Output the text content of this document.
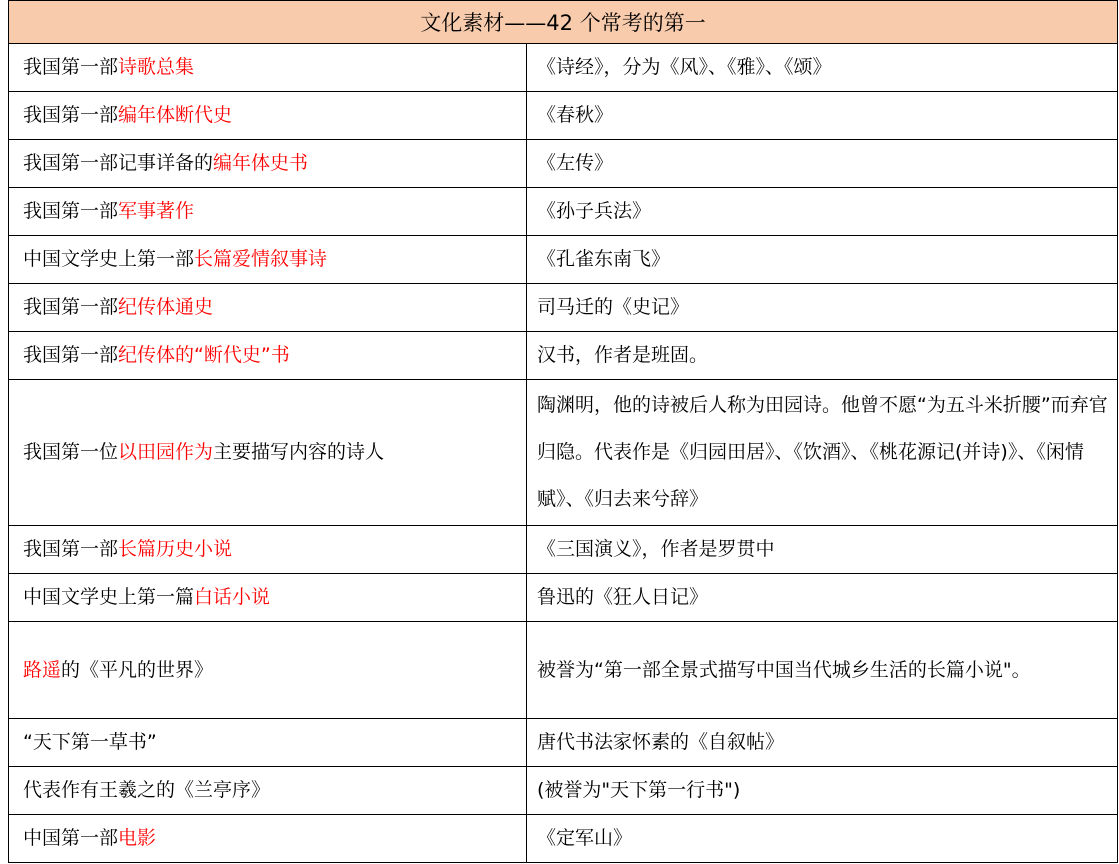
文化素材——42 个常考的第一	
我国第一部诗歌总集	《诗经》，分为《风》、《雅》、《颂》
我国第一部编年体断代史	《春秋》
我国第一部记事详备的编年体史书	《左传》
我国第一部军事著作	《孙子兵法》
中国文学史上第一部长篇爱情叙事诗	《孔雀东南飞》
我国第一部纪传体通史	司马迁的《史记》
我国第一部纪传体的“断代史”书	汉书，作者是班固。
我国第一位以田园作为主要描写内容的诗人	陶渊明，他的诗被后人称为田园诗。他曾不愿“为五斗米折腰”而弃官归隐。代表作是《归园田居》、《饮酒》、《桃花源记(并诗)》、《闲情赋》、《归去来兮辞》
我国第一部长篇历史小说	《三国演义》，作者是罗贯中
中国文学史上第一篇白话小说	鲁迅的《狂人日记》
路遥的《平凡的世界》	被誉为“第一部全景式描写中国当代城乡生活的长篇小说"。
“天下第一草书”	唐代书法家怀素的《自叙帖》
代表作有王羲之的《兰亭序》	(被誉为"天下第一行书")
中国第一部电影	《定军山》
